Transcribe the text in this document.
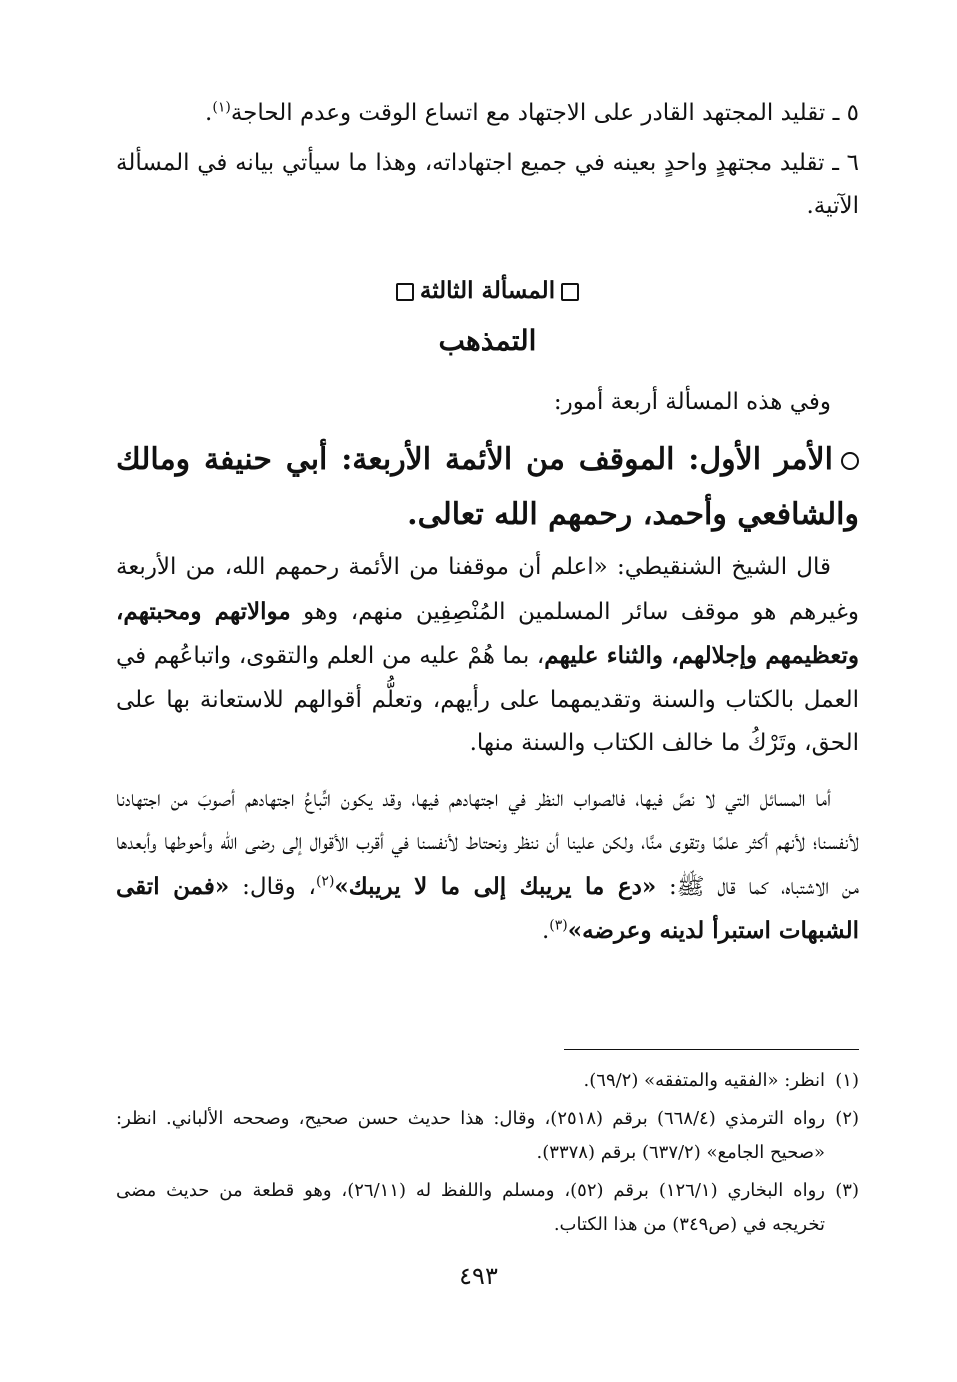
٥ ـ تقليد المجتهد القادر على الاجتهاد مع اتساع الوقت وعدم الحاجة$^{(١)}$.

٦ ـ تقليد مجتهدٍ واحدٍ بعينه في جميع اجتهاداته، وهذا ما سيأتي بيانه في المسألة الآتية.

المسألة الثالثة

التمذهب

وفي هذه المسألة أربعة أمور:

الأمر الأول: الموقف من الأئمة الأربعة: أبي حنيفة ومالك والشافعي وأحمد، رحمهم الله تعالى.

قال الشيخ الشنقيطي: «اعلم أن موقفنا من الأئمة رحمهم الله، من الأربعة وغيرهم هو موقف سائر المسلمين المُنْصِفِين منهم، وهو موالاتهم ومحبتهم، وتعظيمهم وإجلالهم، والثناء عليهم، بما هُمْ عليه من العلم والتقوى، واتباعُهم في العمل بالكتاب والسنة وتقديمهما على رأيهم، وتعلُّم أقوالهم للاستعانة بها على الحق، وتَرْكُ ما خالف الكتاب والسنة منها.

أما المسائل التي لا نصَّ فيها، فالصواب النظر في اجتهادهم فيها، وقد يكون اتِّباعُ اجتهادهم أصوبَ من اجتهادنا لأنفسنا؛ لأنهم أكثر علمًا وتقوى منَّا، ولكن علينا أن ننظر ونحتاط لأنفسنا في أقرب الأقوال إلى رضى الله وأحوطها وأبعدها من الاشتباه، كما قال ﷺ: «دع ما يريبك إلى ما لا يريبك»$^{(٢)}$، وقال: «فمن اتقى الشبهات استبرأ لدينه وعرضه»$^{(٣)}$.

(١)انظر: «الفقيه والمتفقه» (٦٩/٢).

(٢)رواه الترمذي (٦٦٨/٤) برقم (٢٥١٨)، وقال: هذا حديث حسن صحيح، وصححه الألباني. انظر: «صحيح الجامع» (٦٣٧/٢) برقم (٣٣٧٨).

(٣)رواه البخاري (١٢٦/١) برقم (٥٢)، ومسلم واللفظ له (٢٦/١١)، وهو قطعة من حديث مضى تخريجه في (ص٣٤٩) من هذا الكتاب.

٤٩٣
